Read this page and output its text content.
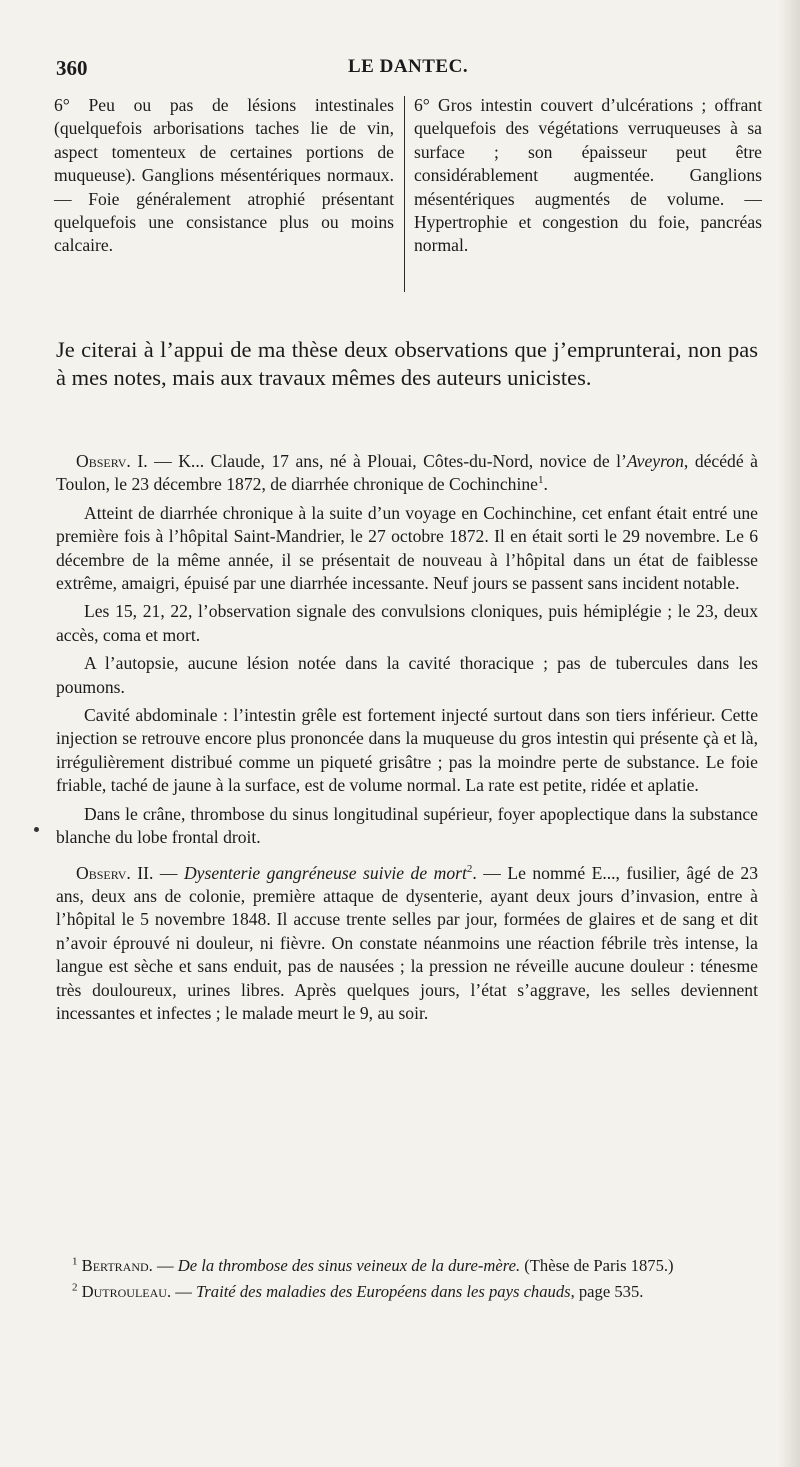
360	LE DANTEC.
6° Peu ou pas de lésions intestinales (quelquefois arborisations taches lie de vin, aspect tomenteux de certaines portions de muqueuse). Ganglions mésentériques normaux. — Foie généralement atrophié présentant quelquefois une consistance plus ou moins calcaire.
6° Gros intestin couvert d’ulcérations ; offrant quelquefois des végétations verruqueuses à sa surface ; son épaisseur peut être considérablement augmentée. Ganglions mésentériques augmentés de volume. — Hypertrophie et congestion du foie, pancréas normal.
Je citerai à l’appui de ma thèse deux observations que j’emprunterai, non pas à mes notes, mais aux travaux mêmes des auteurs unicistes.

Observ. I. — K... Claude, 17 ans, né à Plouai, Côtes-du-Nord, novice de l’Aveyron, décédé à Toulon, le 23 décembre 1872, de diarrhée chronique de Cochinchine$^1$.

Atteint de diarrhée chronique à la suite d’un voyage en Cochinchine, cet enfant était entré une première fois à l’hôpital Saint-Mandrier, le 27 octobre 1872. Il en était sorti le 29 novembre. Le 6 décembre de la même année, il se présentait de nouveau à l’hôpital dans un état de faiblesse extrême, amaigri, épuisé par une diarrhée incessante. Neuf jours se passent sans incident notable.

Les 15, 21, 22, l’observation signale des convulsions cloniques, puis hémiplégie ; le 23, deux accès, coma et mort.

A l’autopsie, aucune lésion notée dans la cavité thoracique ; pas de tubercules dans les poumons.

Cavité abdominale : l’intestin grêle est fortement injecté surtout dans son tiers inférieur. Cette injection se retrouve encore plus prononcée dans la muqueuse du gros intestin qui présente çà et là, irrégulièrement distribué comme un piqueté grisâtre ; pas la moindre perte de substance. Le foie friable, taché de jaune à la surface, est de volume normal. La rate est petite, ridée et aplatie.

Dans le crâne, thrombose du sinus longitudinal supérieur, foyer apoplectique dans la substance blanche du lobe frontal droit.

Observ. II. — Dysenterie gangréneuse suivie de mort$^2$. — Le nommé E..., fusilier, âgé de 23 ans, deux ans de colonie, première attaque de dysenterie, ayant deux jours d’invasion, entre à l’hôpital le 5 novembre 1848. Il accuse trente selles par jour, formées de glaires et de sang et dit n’avoir éprouvé ni douleur, ni fièvre. On constate néanmoins une réaction fébrile très intense, la langue est sèche et sans enduit, pas de nausées ; la pression ne réveille aucune douleur : ténesme très douloureux, urines libres. Après quelques jours, l’état s’aggrave, les selles deviennent incessantes et infectes ; le malade meurt le 9, au soir.

$^1$ Bertrand. — De la thrombose des sinus veineux de la dure-mère. (Thèse de Paris 1875.)

$^2$ Dutrouleau. — Traité des maladies des Européens dans les pays chauds, page 535.
